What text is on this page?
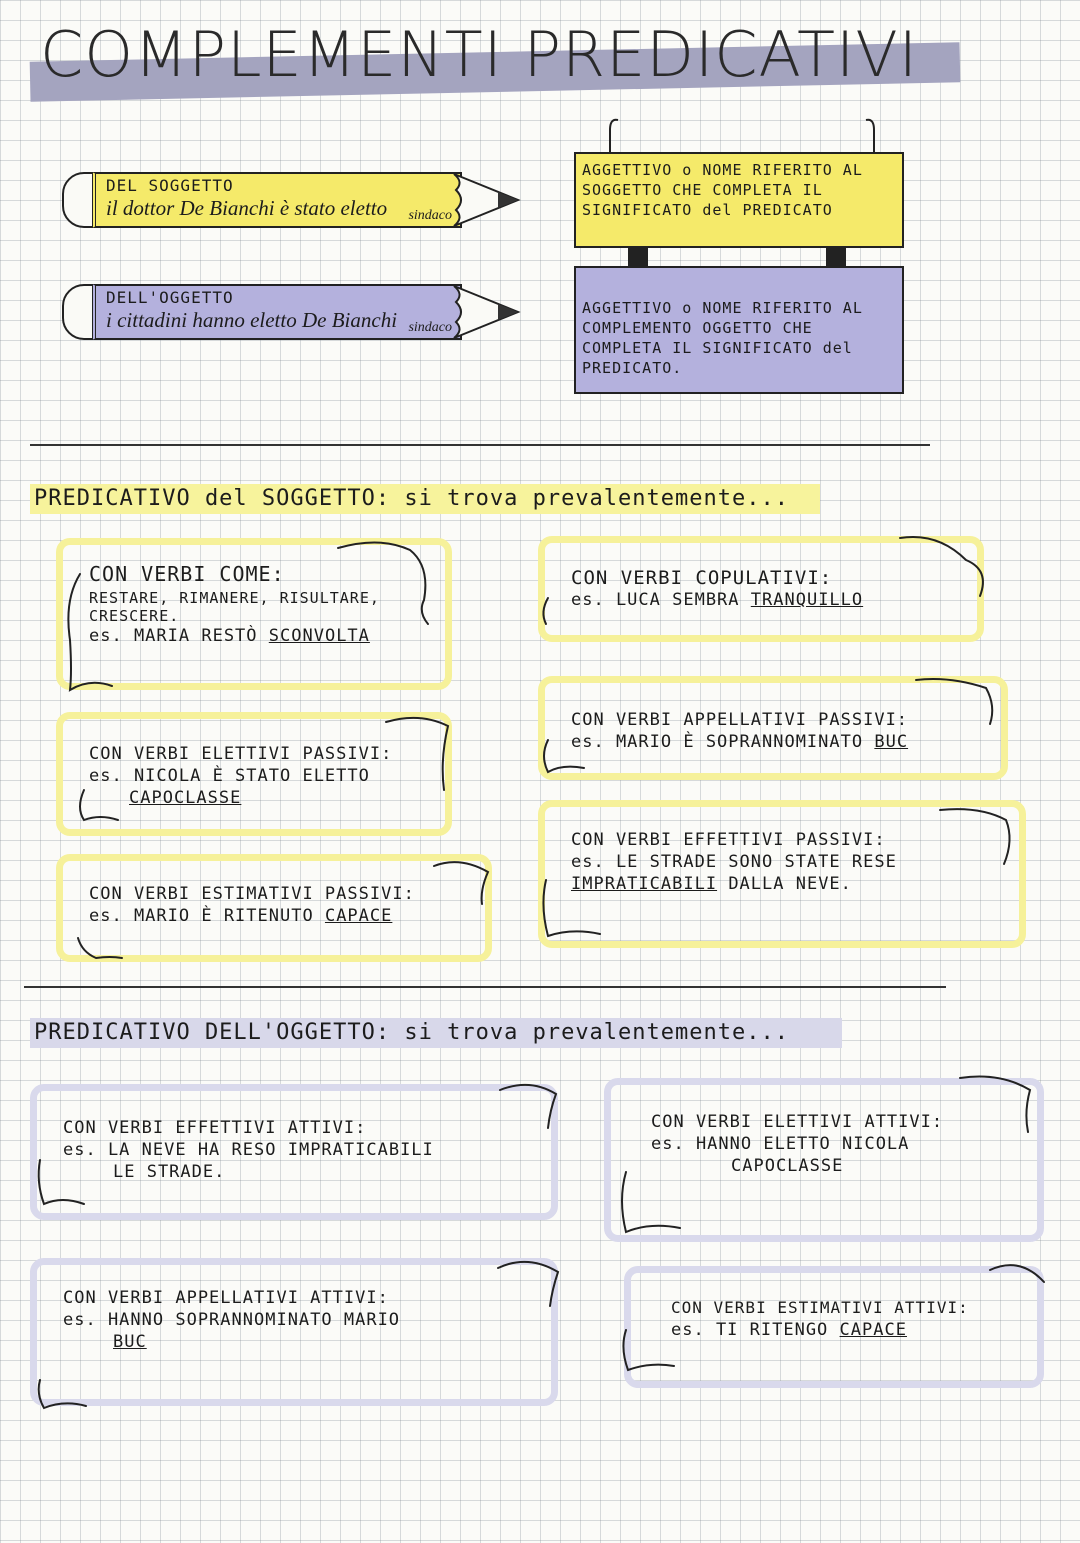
COMPLEMENTI PREDICATIVI
DEL SOGGETTO
il dottor De Bianchi è stato eletto sindaco
DELL'OGGETTO
i cittadini hanno eletto De Bianchi sindaco
AGGETTIVO o NOME RIFERITO AL SOGGETTO CHE COMPLETA IL SIGNIFICATO del PREDICATO
AGGETTIVO o NOME RIFERITO AL COMPLEMENTO OGGETTO CHE COMPLETA IL SIGNIFICATO del PREDICATO.
PREDICATIVO del SOGGETTO: si trova prevalentemente...
CON VERBI COME:
RESTARE, RIMANERE, RISULTARE, CRESCERE.
es. MARIA RESTÒ SCONVOLTA
CON VERBI ELETTIVI PASSIVI:
es. NICOLA È STATO ELETTO
CAPOCLASSE
CON VERBI ESTIMATIVI PASSIVI:
es. MARIO È RITENUTO CAPACE
CON VERBI COPULATIVI:
es. LUCA SEMBRA TRANQUILLO
CON VERBI APPELLATIVI PASSIVI:
es. MARIO È SOPRANNOMINATO BUC
CON VERBI EFFETTIVI PASSIVI:
es. LE STRADE SONO STATE RESE IMPRATICABILI DALLA NEVE.
PREDICATIVO DELL'OGGETTO: si trova prevalentemente...
CON VERBI EFFETTIVI ATTIVI:
es. LA NEVE HA RESO IMPRATICABILI
LE STRADE.
CON VERBI APPELLATIVI ATTIVI:
es. HANNO SOPRANNOMINATO MARIO
BUC
CON VERBI ELETTIVI ATTIVI:
es. HANNO ELETTO NICOLA
CAPOCLASSE
CON VERBI ESTIMATIVI ATTIVI:
es. TI RITENGO CAPACE
